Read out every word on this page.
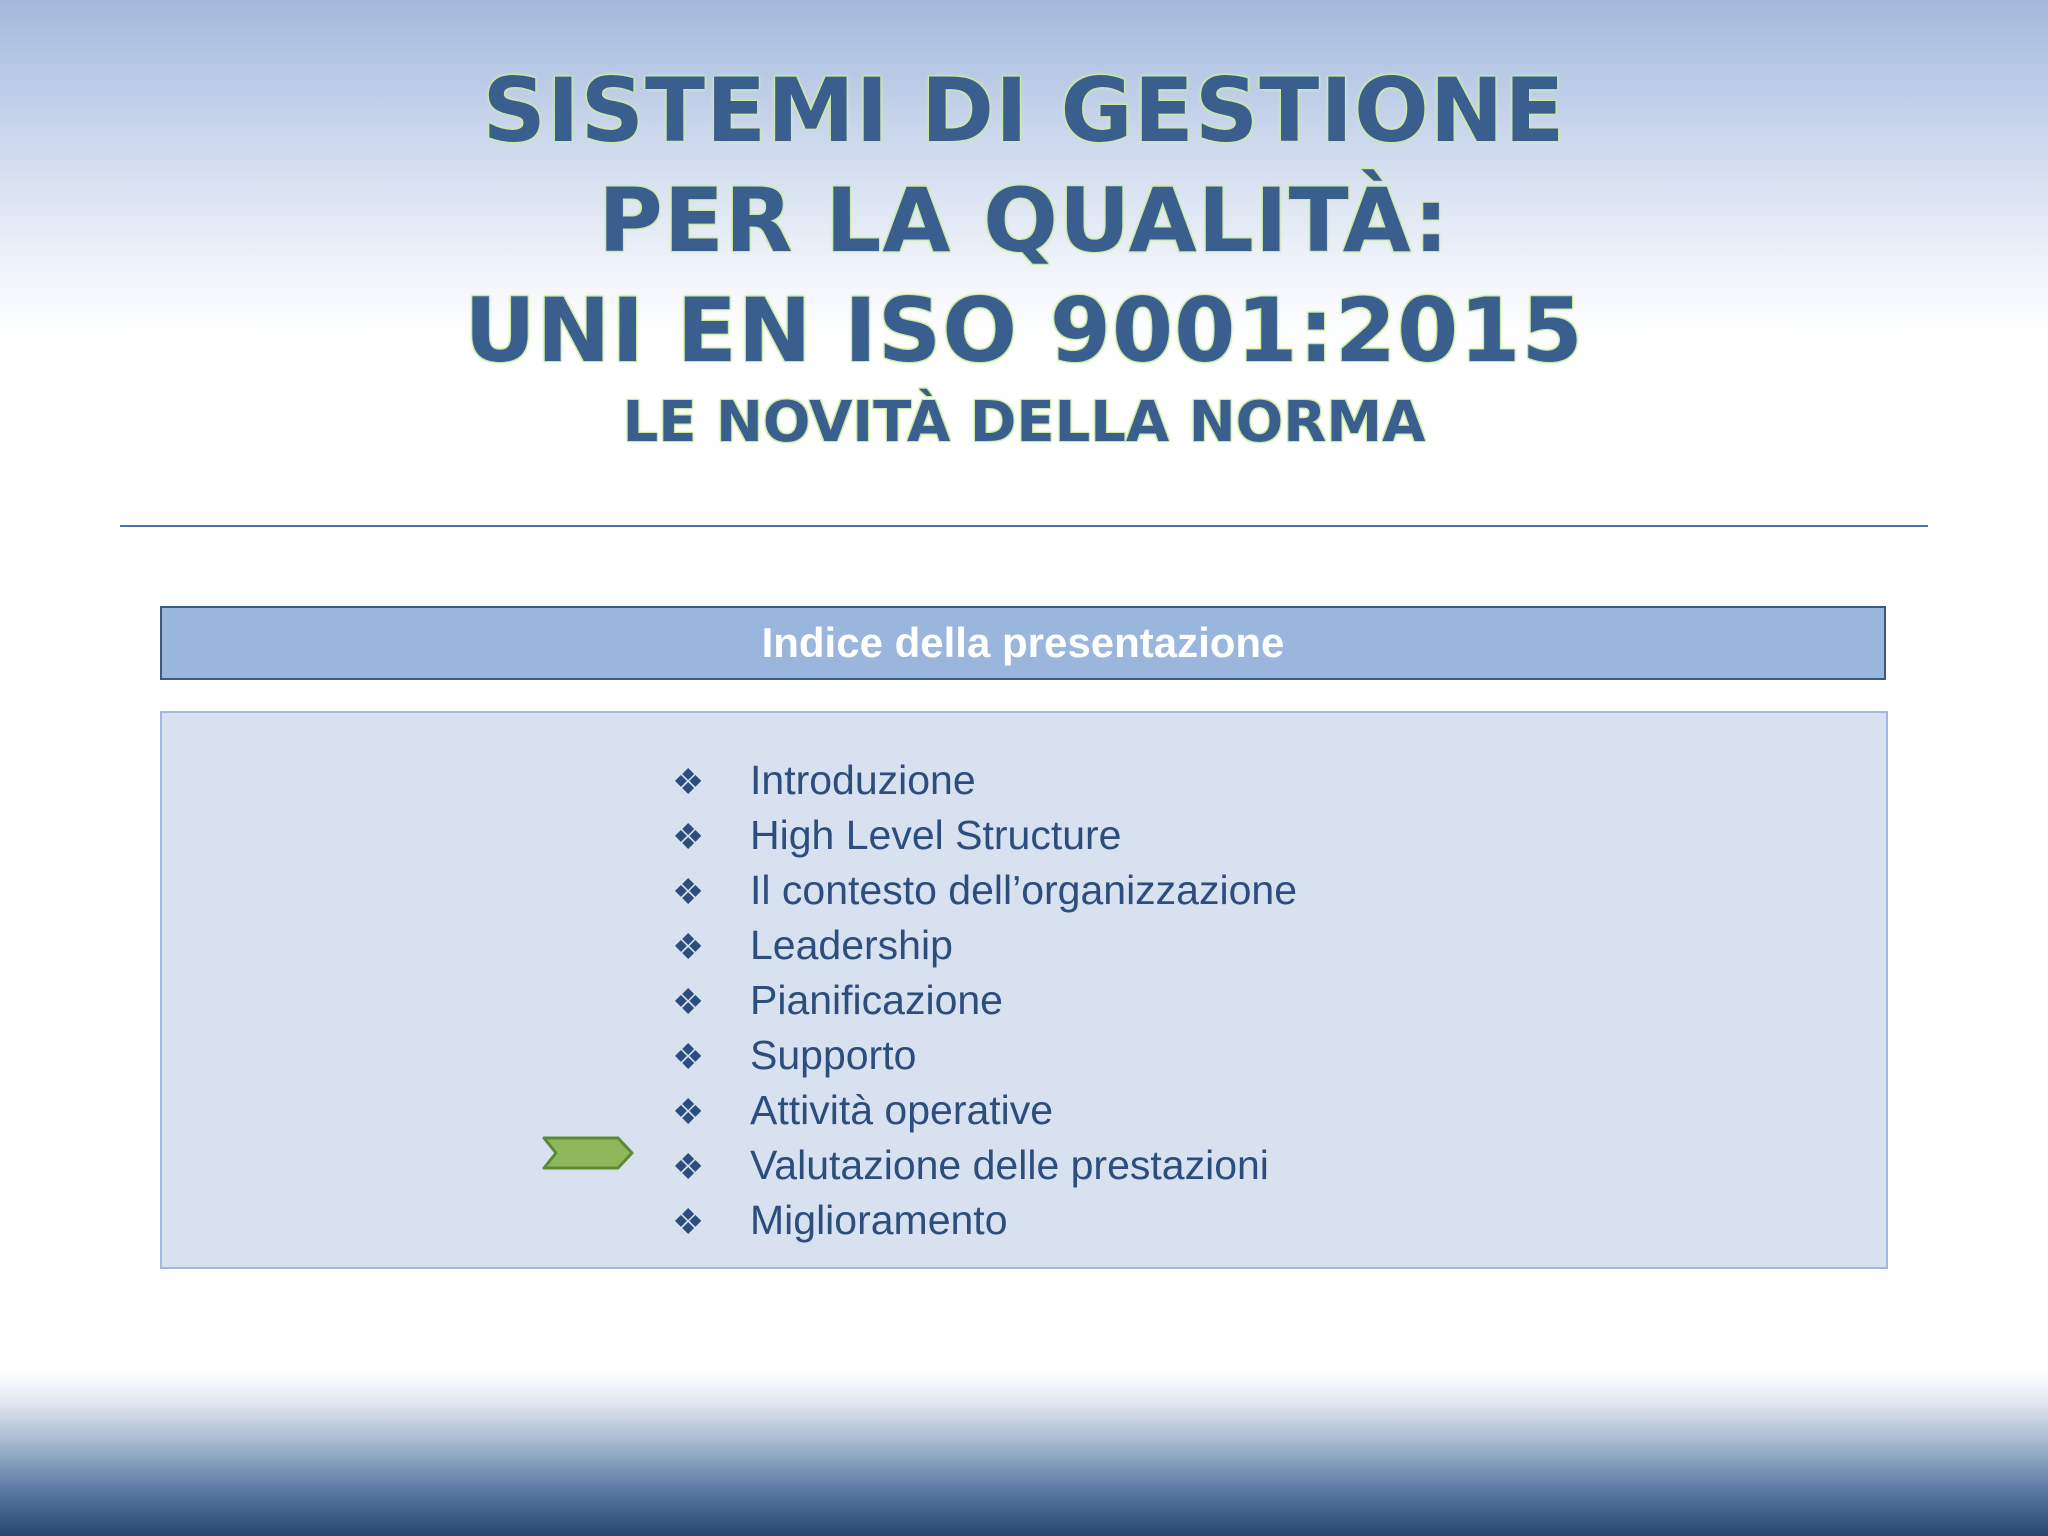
SISTEMI DI GESTIONE
PER LA QUALITÀ:
UNI EN ISO 9001:2015
LE NOVITÀ DELLA NORMA
Indice della presentazione
❖ Introduzione
❖ High Level Structure
❖ Il contesto dell’organizzazione
❖ Leadership
❖ Pianificazione
❖ Supporto
❖ Attività operative
❖ Valutazione delle prestazioni
❖ Miglioramento
